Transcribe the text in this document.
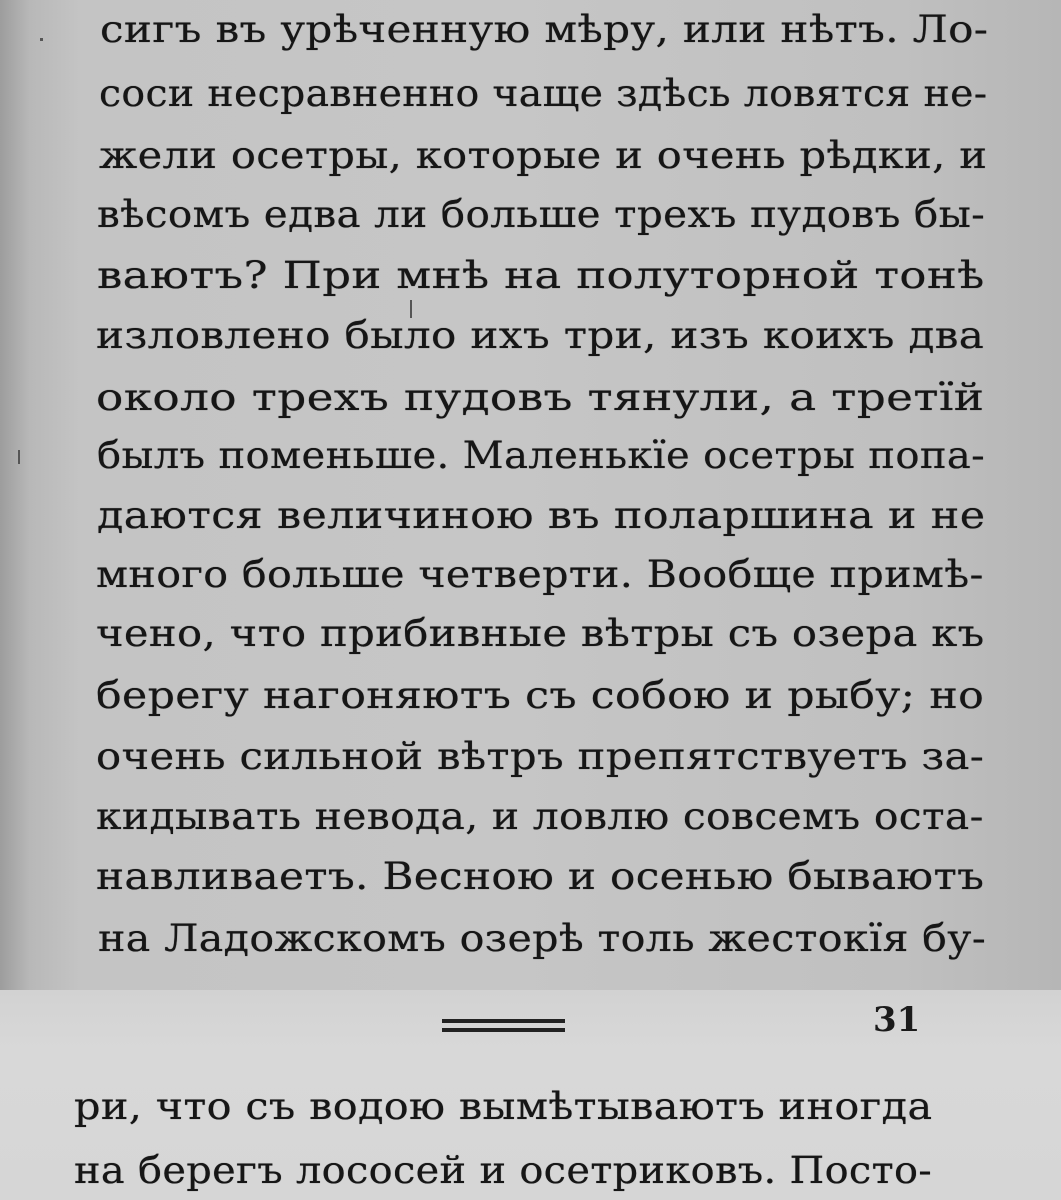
сигъ въ урѣченную мѣру, или нѣтъ. Ло-
соси несравненно чаще здѣсь ловятся не-
жели осетры, которые и очень рѣдки, и
вѣсомъ едва ли больше трехъ пудовъ бы-
ваютъ? При мнѣ на полуторной тонѣ
изловлено было ихъ три, изъ коихъ два
около трехъ пудовъ тянули, а третїй
былъ поменьше. Маленькїе осетры попа-
даются величиною въ поларшина и не
много больше четверти. Вообще примѣ-
чено, что прибивные вѣтры съ озера къ
берегу нагоняютъ съ собою и рыбу; но
очень сильной вѣтръ препятствуетъ за-
кидывать невода, и ловлю совсемъ оста-
навливаетъ. Весною и осенью бываютъ
на Ладожскомъ озерѣ толь жестокїя бу-
31
ри, что съ водою вымѣтываютъ иногда
на берегъ лососей и осетриковъ. Посто-
